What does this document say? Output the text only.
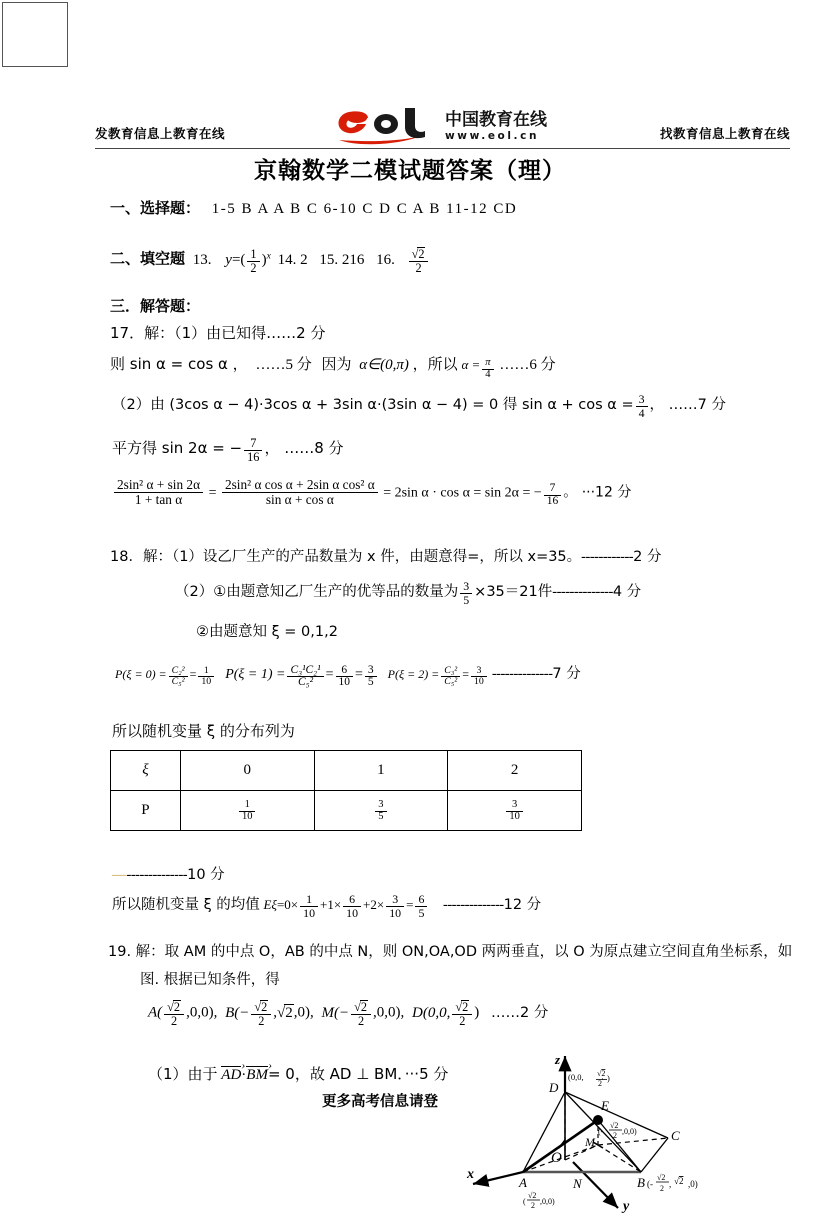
发教育信息上教育在线	找教育信息上教育在线
中国教育在线
www.eol.cn
京翰数学二模试题答案（理）
一、选择题： 1-5 B A A B C 6-10 C D C A B 11-12 CD
二、填空题 13. $y=( \frac{1}{2} )^x$ 14. 2 15. 216 16. $\frac{√2}{2}$
三．解答题：
17．解：（1）由已知得……2 分
则 sin α = cos α ， ……5 分 因为 α∈(0,π) ，所以 $\alpha = \frac{\pi}{4}$ ……6 分
（2）由 (3cos α − 4)·3cos α + 3sin α·(3sin α − 4) = 0 得 $\sin \alpha + \cos \alpha = \frac{3}{4}$ ， ……7 分
平方得 sin 2α = − $\frac{7}{16}$ ， ……8 分
$\frac{\text{2sin² α + sin 2α}}{\text{1 + tan α}} = \frac{\text{2sin² α cos α + 2sin α cos² α}}{\text{sin α + cos α}} = 2\sin$ α · cos α = sin 2α = − $\frac{7}{16}$ 。 ···12 分
18．解：（1）设乙厂生产的产品数量为 x 件，由题意得=，所以 x=35。------------2 分
（2）①由题意知乙厂生产的优等品的数量为 $\frac{3}{5} \times 35=21$件--------------4 分
②由题意知 ξ = 0,1,2
$P(\xi = 0) = \frac{\text{C₂²}}{\text{C₅²}} = \frac{1}{10} P(\xi = 1) = \frac{\text{C₃¹C₂¹}}{\text{C₅²}} = \frac{6}{10} = \frac{3}{5} P(\xi = 2) = \frac{\text{C₃²}}{\text{C₅²}} = \frac{3}{10} --------------7$ 分
所以随机变量 ξ 的分布列为
ξ	0	1	2
P	$\frac{1}{10}$	$\frac{3}{5}$	$\frac{3}{10}$
—--------------10 分
所以随机变量 ξ 的均值 $E\xi=0\times \frac{1}{10} +1\times \frac{6}{10} +2\times \frac{3}{10} = \frac{6}{5} --------------12$ 分
19. 解：取 AM 的中点 O，AB 的中点 N，则 ON,OA,OD 两两垂直，以 O 为原点建立空间直角坐标系，如
图. 根据已知条件，得
$A( \frac{√2}{2} ,0,0)$, $B(- \frac{√2}{2} ,√2,0)$, $M(- \frac{√2}{2} ,0,0)$, D(0,0, $\frac{√2}{2}$ ) ……2 分
（1）由于 AD ›·BM ›= 0，故 AD ⊥ BM．···5 分
更多高考信息请登
z
x
y
D
(0,0, √2
2
)
E
M
(-
√2
2 ,0,0)	C
O
A
(
√2
2 ,0,0)
N	B (-
√2
2 , √2 ,0)
